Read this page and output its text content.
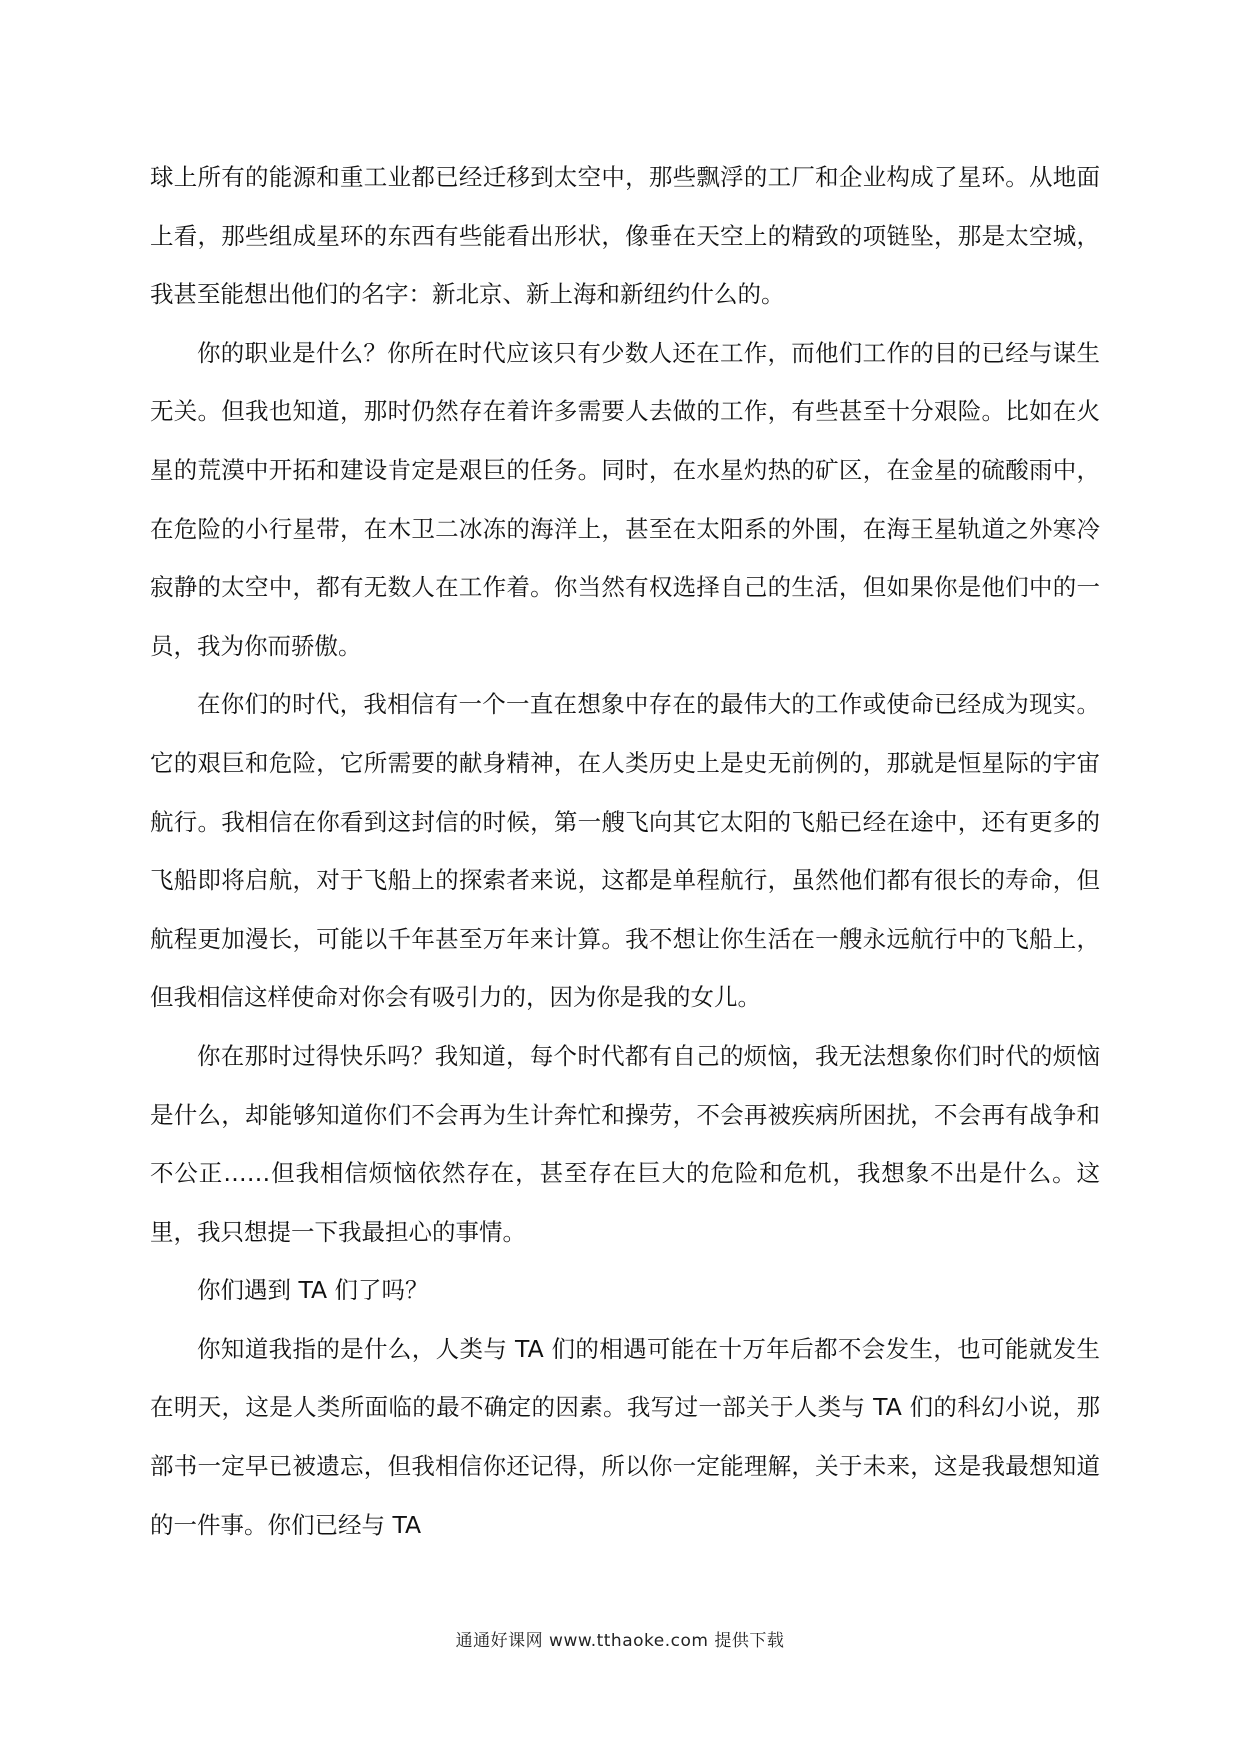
球上所有的能源和重工业都已经迁移到太空中，那些飘浮的工厂和企业构成了星环。从地面上看，那些组成星环的东西有些能看出形状，像垂在天空上的精致的项链坠，那是太空城，我甚至能想出他们的名字：新北京、新上海和新纽约什么的。

你的职业是什么？你所在时代应该只有少数人还在工作，而他们工作的目的已经与谋生无关。但我也知道，那时仍然存在着许多需要人去做的工作，有些甚至十分艰险。比如在火星的荒漠中开拓和建设肯定是艰巨的任务。同时，在水星灼热的矿区，在金星的硫酸雨中，在危险的小行星带，在木卫二冰冻的海洋上，甚至在太阳系的外围，在海王星轨道之外寒冷寂静的太空中，都有无数人在工作着。你当然有权选择自己的生活，但如果你是他们中的一员，我为你而骄傲。

在你们的时代，我相信有一个一直在想象中存在的最伟大的工作或使命已经成为现实。它的艰巨和危险，它所需要的献身精神，在人类历史上是史无前例的，那就是恒星际的宇宙航行。我相信在你看到这封信的时候，第一艘飞向其它太阳的飞船已经在途中，还有更多的飞船即将启航，对于飞船上的探索者来说，这都是单程航行，虽然他们都有很长的寿命，但航程更加漫长，可能以千年甚至万年来计算。我不想让你生活在一艘永远航行中的飞船上，但我相信这样使命对你会有吸引力的，因为你是我的女儿。

你在那时过得快乐吗？我知道，每个时代都有自己的烦恼，我无法想象你们时代的烦恼是什么，却能够知道你们不会再为生计奔忙和操劳，不会再被疾病所困扰，不会再有战争和不公正……但我相信烦恼依然存在，甚至存在巨大的危险和危机，我想象不出是什么。这里，我只想提一下我最担心的事情。

你们遇到 TA 们了吗？

你知道我指的是什么，人类与 TA 们的相遇可能在十万年后都不会发生，也可能就发生在明天，这是人类所面临的最不确定的因素。我写过一部关于人类与 TA 们的科幻小说，那部书一定早已被遗忘，但我相信你还记得，所以你一定能理解，关于未来，这是我最想知道的一件事。你们已经与 TA

通通好课网 www.tthaoke.com 提供下载
